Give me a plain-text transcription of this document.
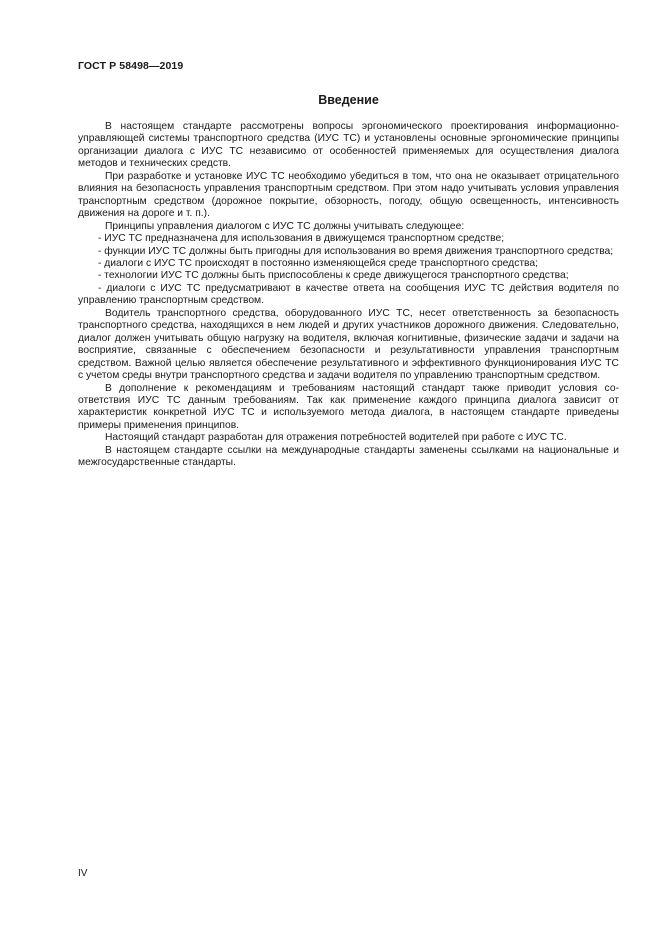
ГОСТ Р 58498—2019
Введение

В настоящем стандарте рассмотрены вопросы эргономического проектирования информационно-управляющей системы транспортного средства (ИУС ТС) и установлены основные эргономические принципы организации диалога с ИУС ТС независимо от особенностей применяемых для осуществления диалога методов и технических средств.

При разработке и установке ИУС ТС необходимо убедиться в том, что она не оказывает отрицательного влияния на безопасность управления транспортным средством. При этом надо учитывать условия управления транспортным средством (дорожное покрытие, обзорность, погоду, общую освещенность, интенсивность движения на дороге и т. п.).

Принципы управления диалогом с ИУС ТС должны учитывать следующее:

- ИУС ТС предназначена для использования в движущемся транспортном средстве;

- функции ИУС ТС должны быть пригодны для использования во время движения транспортного средства;

- диалоги с ИУС ТС происходят в постоянно изменяющейся среде транспортного средства;

- технологии ИУС ТС должны быть приспособлены к среде движущегося транспортного средства;

- диалоги с ИУС ТС предусматривают в качестве ответа на сообщения ИУС ТС действия водителя по управлению транспортным средством.

Водитель транспортного средства, оборудованного ИУС ТС, несет ответственность за безопасность транспортного средства, находящихся в нем людей и других участников дорожного движения. Следовательно, диалог должен учитывать общую нагрузку на водителя, включая когнитивные, физические задачи и задачи на восприятие, связанные с обеспечением безопасности и результативности управления транспортным средством. Важной целью является обеспечение результативного и эффективного функционирования ИУС ТС с учетом среды внутри транспортного средства и задачи водителя по управлению транспортным средством.

В дополнение к рекомендациям и требованиям настоящий стандарт также приводит условия соответствия ИУС ТС данным требованиям. Так как применение каждого принципа диалога зависит от характеристик конкретной ИУС ТС и используемого метода диалога, в настоящем стандарте приведены примеры применения принципов.

Настоящий стандарт разработан для отражения потребностей водителей при работе с ИУС ТС.

В настоящем стандарте ссылки на международные стандарты заменены ссылками на национальные и межгосударственные стандарты.

IV
